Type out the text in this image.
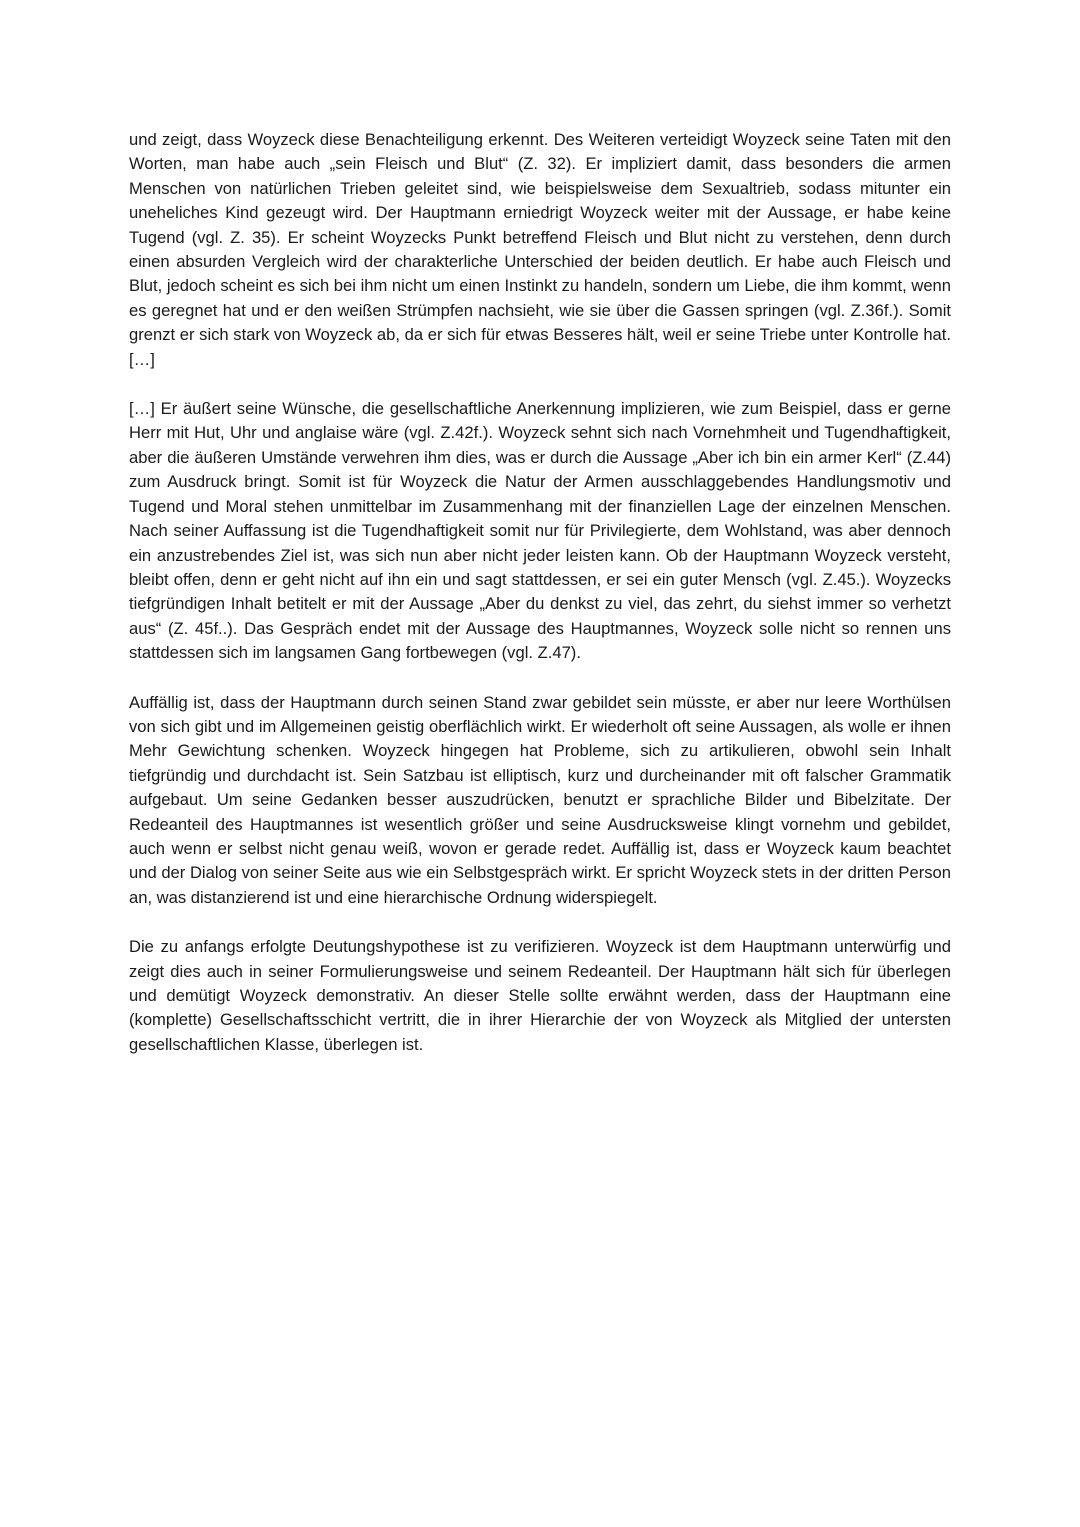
und zeigt, dass Woyzeck diese Benachteiligung erkennt. Des Weiteren verteidigt Woyzeck seine Taten mit den Worten, man habe auch „sein Fleisch und Blut“ (Z. 32). Er impliziert damit, dass besonders die armen Menschen von natürlichen Trieben geleitet sind, wie beispielsweise dem Sexualtrieb, sodass mitunter ein uneheliches Kind gezeugt wird. Der Hauptmann erniedrigt Woyzeck weiter mit der Aussage, er habe keine Tugend (vgl. Z. 35). Er scheint Woyzecks Punkt betreffend Fleisch und Blut nicht zu verstehen, denn durch einen absurden Vergleich wird der charakterliche Unterschied der beiden deutlich. Er habe auch Fleisch und Blut, jedoch scheint es sich bei ihm nicht um einen Instinkt zu handeln, sondern um Liebe, die ihm kommt, wenn es geregnet hat und er den weißen Strümpfen nachsieht, wie sie über die Gassen springen (vgl. Z.36f.). Somit grenzt er sich stark von Woyzeck ab, da er sich für etwas Besseres hält, weil er seine Triebe unter Kontrolle hat. […]

[…] Er äußert seine Wünsche, die gesellschaftliche Anerkennung implizieren, wie zum Beispiel, dass er gerne Herr mit Hut, Uhr und anglaise wäre (vgl. Z.42f.). Woyzeck sehnt sich nach Vornehmheit und Tugendhaftigkeit, aber die äußeren Umstände verwehren ihm dies, was er durch die Aussage „Aber ich bin ein armer Kerl“ (Z.44) zum Ausdruck bringt. Somit ist für Woyzeck die Natur der Armen ausschlaggebendes Handlungsmotiv und Tugend und Moral stehen unmittelbar im Zusammenhang mit der finanziellen Lage der einzelnen Menschen. Nach seiner Auffassung ist die Tugendhaftigkeit somit nur für Privilegierte, dem Wohlstand, was aber dennoch ein anzustrebendes Ziel ist, was sich nun aber nicht jeder leisten kann. Ob der Hauptmann Woyzeck versteht, bleibt offen, denn er geht nicht auf ihn ein und sagt stattdessen, er sei ein guter Mensch (vgl. Z.45.). Woyzecks tiefgründigen Inhalt betitelt er mit der Aussage „Aber du denkst zu viel, das zehrt, du siehst immer so verhetzt aus“ (Z. 45f..). Das Gespräch endet mit der Aussage des Hauptmannes, Woyzeck solle nicht so rennen uns stattdessen sich im langsamen Gang fortbewegen (vgl. Z.47).

Auffällig ist, dass der Hauptmann durch seinen Stand zwar gebildet sein müsste, er aber nur leere Worthülsen von sich gibt und im Allgemeinen geistig oberflächlich wirkt. Er wiederholt oft seine Aussagen, als wolle er ihnen Mehr Gewichtung schenken. Woyzeck hingegen hat Probleme, sich zu artikulieren, obwohl sein Inhalt tiefgründig und durchdacht ist. Sein Satzbau ist elliptisch, kurz und durcheinander mit oft falscher Grammatik aufgebaut. Um seine Gedanken besser auszudrücken, benutzt er sprachliche Bilder und Bibelzitate. Der Redeanteil des Hauptmannes ist wesentlich größer und seine Ausdrucksweise klingt vornehm und gebildet, auch wenn er selbst nicht genau weiß, wovon er gerade redet. Auffällig ist, dass er Woyzeck kaum beachtet und der Dialog von seiner Seite aus wie ein Selbstgespräch wirkt. Er spricht Woyzeck stets in der dritten Person an, was distanzierend ist und eine hierarchische Ordnung widerspiegelt.

Die zu anfangs erfolgte Deutungshypothese ist zu verifizieren. Woyzeck ist dem Hauptmann unterwürfig und zeigt dies auch in seiner Formulierungsweise und seinem Redeanteil. Der Hauptmann hält sich für überlegen und demütigt Woyzeck demonstrativ. An dieser Stelle sollte erwähnt werden, dass der Hauptmann eine (komplette) Gesellschaftsschicht vertritt, die in ihrer Hierarchie der von Woyzeck als Mitglied der untersten gesellschaftlichen Klasse, überlegen ist.
